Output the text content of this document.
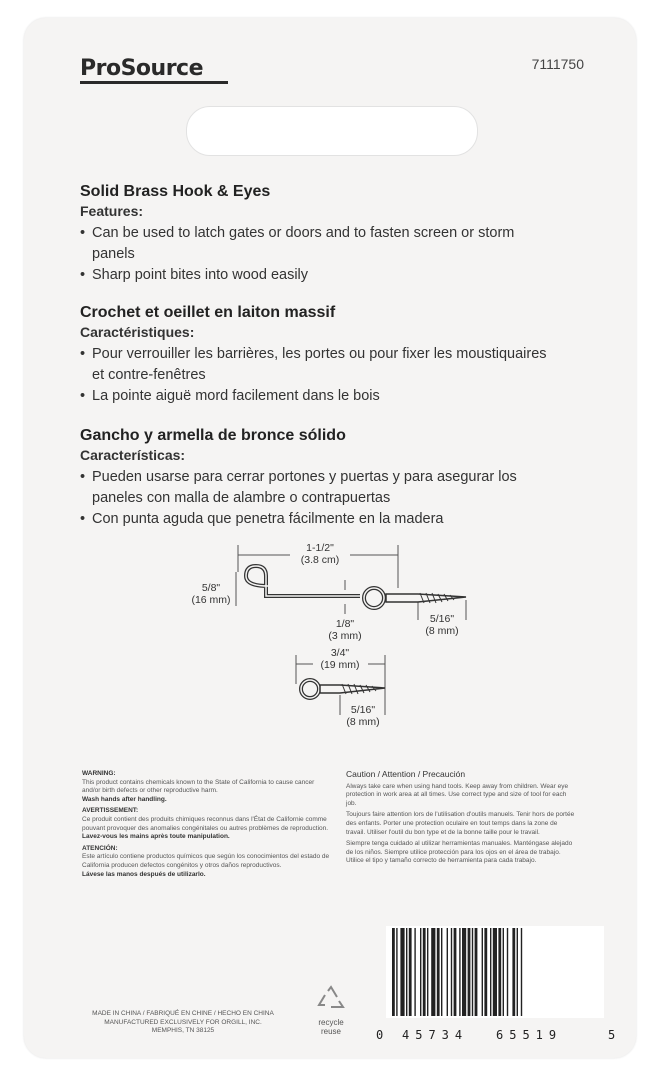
ProSource	7111750
Solid Brass Hook & Eyes
Features:
• Can be used to latch gates or doors and to fasten screen or storm panels
• Sharp point bites into wood easily
Crochet et oeillet en laiton massif
Caractéristiques:
• Pour verrouiller les barrières, les portes ou pour fixer les moustiquaires et contre-fenêtres
• La pointe aiguë mord facilement dans le bois
Gancho y armella de bronce sólido
Características:
• Pueden usarse para cerrar portones y puertas y para asegurar los paneles con malla de alambre o contrapuertas
• Con punta aguda que penetra fácilmente en la madera
1-1/2"
(3.8 cm)
5/8"
(16 mm)
1/8"
(3 mm)
5/16"
(8 mm)
3/4"
(19 mm)
5/16"
(8 mm)

WARNING:
This product contains chemicals known to the State of California to cause cancer and/or birth defects or other reproductive harm.
Wash hands after handling.

AVERTISSEMENT:
Ce produit contient des produits chimiques reconnus dans l'État de Californie comme pouvant provoquer des anomalies congénitales ou autres problèmes de reproduction.
Lavez-vous les mains après toute manipulation.

ATENCIÓN:
Este artículo contiene productos químicos que según los conocimientos del estado de California producen defectos congénitos y otros daños reproductivos.
Lávese las manos después de utilizarlo.

Caution / Attention / Precaución

Always take care when using hand tools. Keep away from children. Wear eye protection in work area at all times. Use correct type and size of tool for each job.

Toujours faire attention lors de l'utilisation d'outils manuels. Tenir hors de portée des enfants. Porter une protection oculaire en tout temps dans la zone de travail. Utiliser l'outil du bon type et de la bonne taille pour le travail.

Siempre tenga cuidado al utilizar herramientas manuales. Manténgase alejado de los niños. Siempre utilice protección para los ojos en el área de trabajo. Utilice el tipo y tamaño correcto de herramienta para cada trabajo.

MADE IN CHINA / FABRIQUÉ EN CHINE / HECHO EN CHINA
MANUFACTURED EXCLUSIVELY FOR ORGILL, INC.
MEMPHIS, TN 38125
recycle
reuse	0 45734 65519	5
